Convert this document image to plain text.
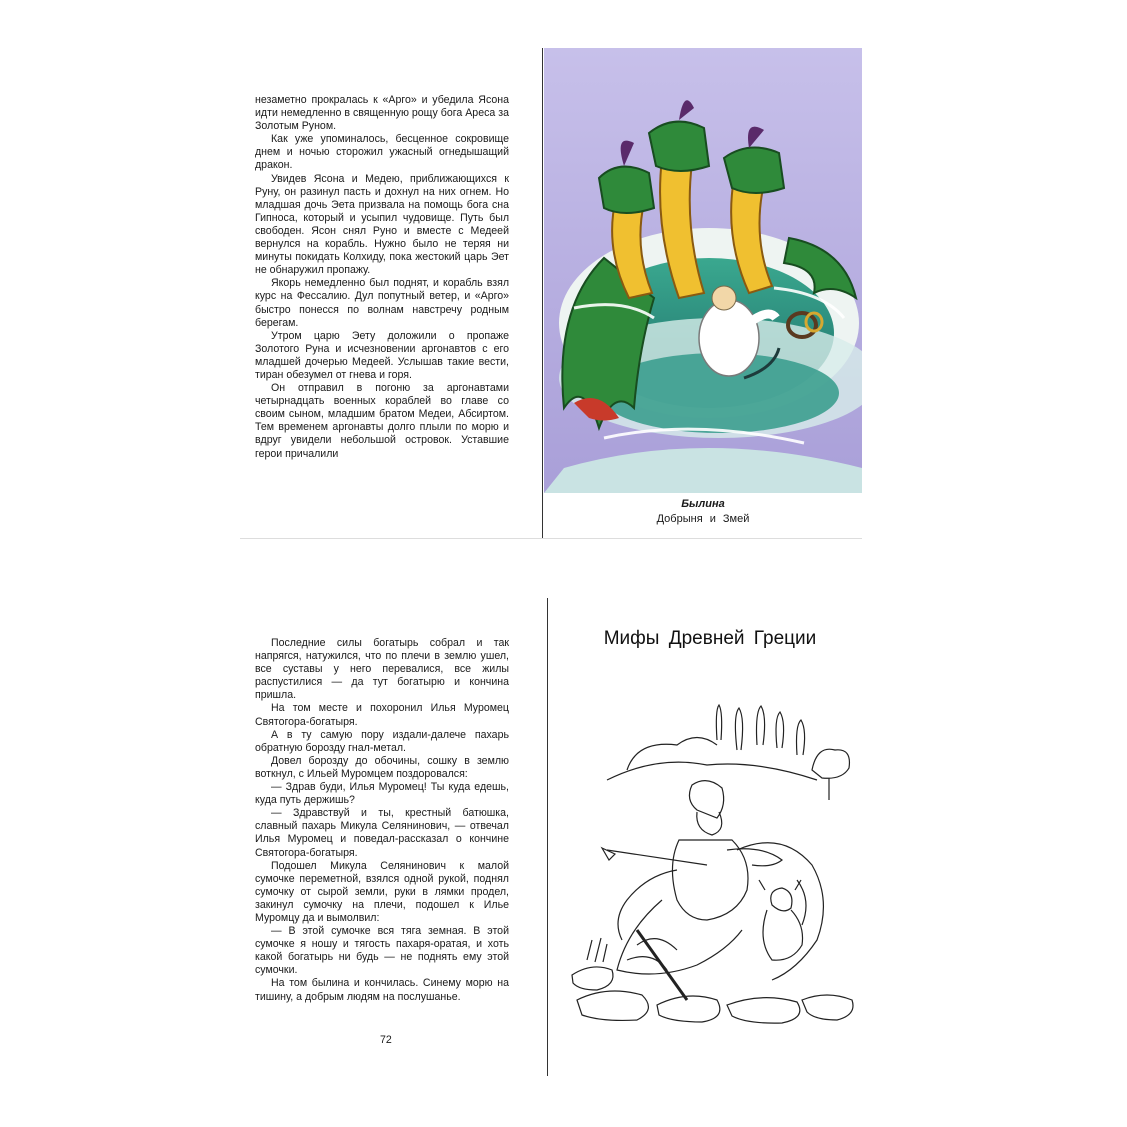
незаметно прокралась к «Арго» и убедила Ясона идти немедленно в священную рощу бога Ареса за Золотым Руном.

Как уже упоминалось, бесценное сокровище днем и ночью сторожил ужасный огнедышащий дракон.

Увидев Ясона и Медею, приближающихся к Руну, он разинул пасть и дохнул на них огнем. Но младшая дочь Эета призвала на помощь бога сна Гипноса, который и усыпил чудовище. Путь был свободен. Ясон снял Руно и вместе с Медеей вернулся на корабль. Нужно было не теряя ни минуты покидать Колхиду, пока жестокий царь Эет не обнаружил пропажу.

Якорь немедленно был поднят, и корабль взял курс на Фессалию. Дул попутный ветер, и «Арго» быстро понесся по волнам навстречу родным берегам.

Утром царю Эету доложили о пропаже Золотого Руна и исчезновении аргонавтов с его младшей дочерью Медеей. Услышав такие вести, тиран обезумел от гнева и горя.

Он отправил в погоню за аргонавтами четырнадцать военных кораблей во главе со своим сыном, младшим братом Медеи, Абсиртом. Тем временем аргонавты долго плыли по морю и вдруг увидели небольшой островок. Уставшие герои причалили

Былина
Добрыня и Змей

Последние силы богатырь собрал и так напрягся, натужился, что по плечи в землю ушел, все суставы у него перевалися, все жилы распустилися — да тут богатырю и кончина пришла.

На том месте и похоронил Илья Муромец Святогора-богатыря.

А в ту самую пору издали-далече пахарь обратную борозду гнал-метал.

Довел борозду до обочины, сошку в землю воткнул, с Ильей Муромцем поздоровался:

— Здрав буди, Илья Муромец! Ты куда едешь, куда путь держишь?

— Здравствуй и ты, крестный батюшка, славный пахарь Микула Селянинович, — отвечал Илья Муромец и поведал-рассказал о кончине Святогора-богатыря.

Подошел Микула Селянинович к малой сумочке переметной, взялся одной рукой, поднял сумочку от сырой земли, руки в лямки продел, закинул сумочку на плечи, подошел к Илье Муромцу да и вымолвил:

— В этой сумочке вся тяга земная. В этой сумочке я ношу и тягость пахаря-оратая, и хоть какой богатырь ни будь — не поднять ему этой сумочки.

На том былина и кончилась. Синему морю на тишину, а добрым людям на послушанье.

72
Мифы Древней Греции
